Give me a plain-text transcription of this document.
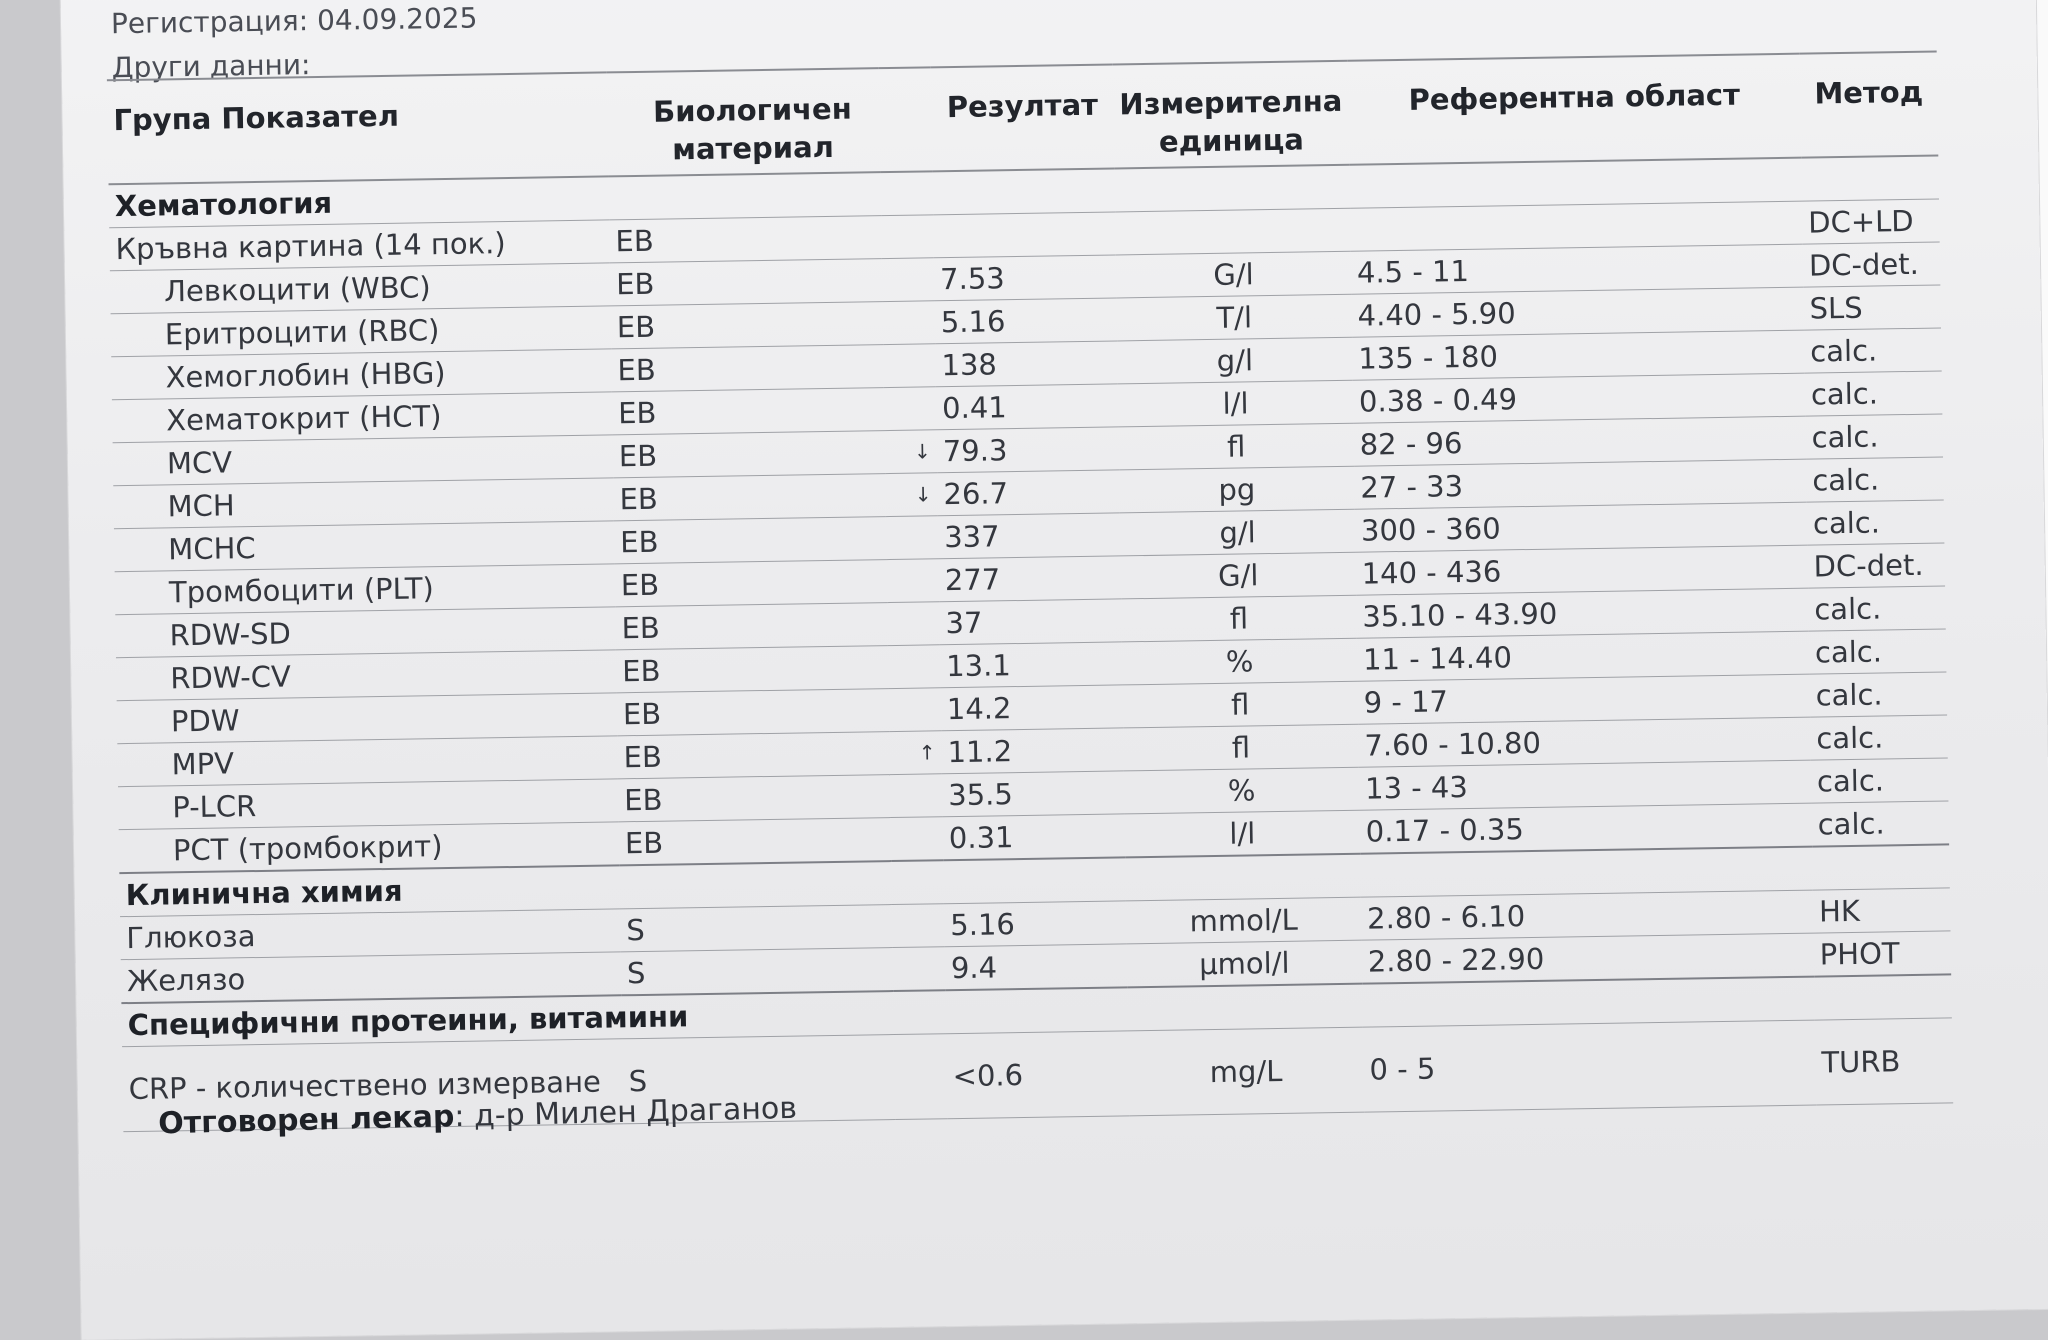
Регистрация: 04.09.2025
Други данни:
Група Показател	Биологичен материал		Резултат	Измерителна единица	Референтна област	Метод
Хематология						
Кръвна картина (14 пок.)	EB					DC+LD
Левкоцити (WBC)	EB		7.53	G/l	4.5 - 11	DC-det.
Еритроцити (RBC)	EB		5.16	T/l	4.40 - 5.90	SLS
Хемоглобин (HBG)	EB		138	g/l	135 - 180	calc.
Хематокрит (HCT)	EB		0.41	l/l	0.38 - 0.49	calc.
MCV	EB	↓	79.3	fl	82 - 96	calc.
MCH	EB	↓	26.7	pg	27 - 33	calc.
MCHC	EB		337	g/l	300 - 360	calc.
Тромбоцити (PLT)	EB		277	G/l	140 - 436	DC-det.
RDW-SD	EB		37	fl	35.10 - 43.90	calc.
RDW-CV	EB		13.1	%	11 - 14.40	calc.
PDW	EB		14.2	fl	9 - 17	calc.
MPV	EB	↑	11.2	fl	7.60 - 10.80	calc.
P-LCR	EB		35.5	%	13 - 43	calc.
PCT (тромбокрит)	EB		0.31	l/l	0.17 - 0.35	calc.
Клинична химия						
Глюкоза	S		5.16	mmol/L	2.80 - 6.10	HK
Желязо	S		9.4	µmol/l	2.80 - 22.90	PHOT
Специфични протеини, витамини						
CRP - количествено измерване	S		<0.6	mg/L	0 - 5	TURB
Отговорен лекар: д-р Милен Драганов
